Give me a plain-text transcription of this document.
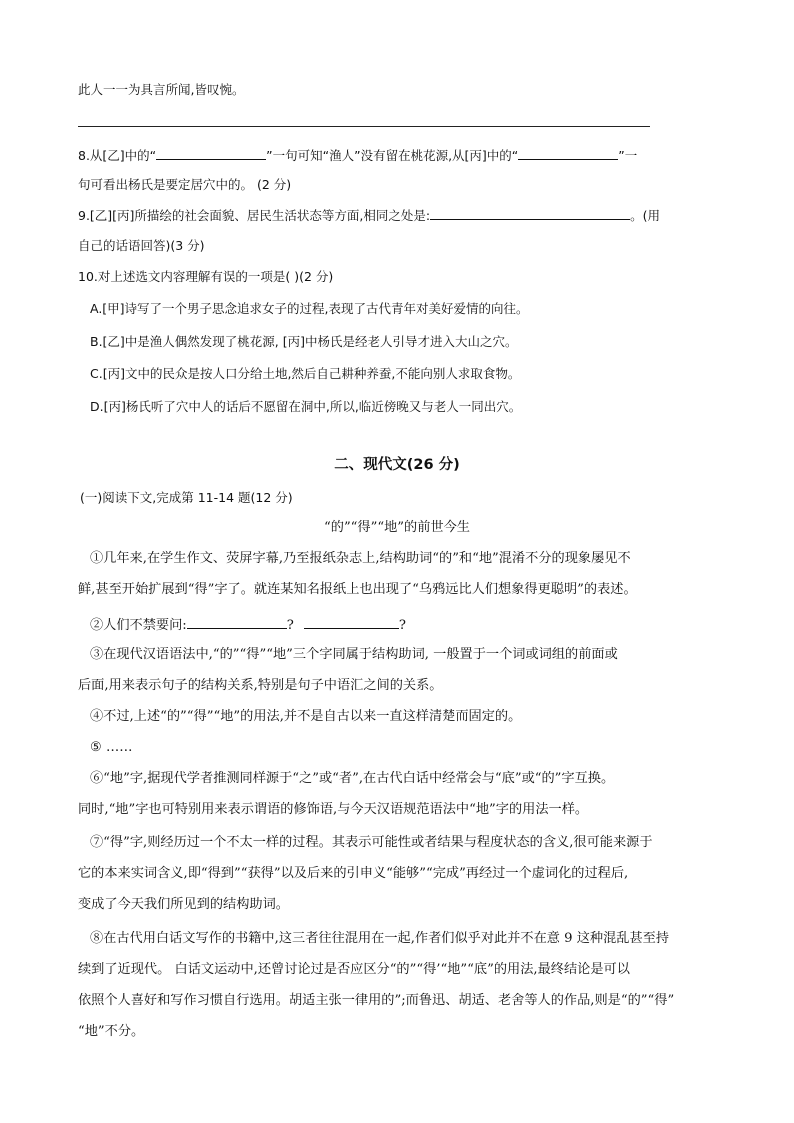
此人一一为具言所闻,皆叹惋。
8.从[乙]中的“	”一句可知“渔人”没有留在桃花源,从[丙]中的“	”一
句可看出杨氏是要定居穴中的。 (2 分)
9.[乙][丙]所描绘的社会面貌、居民生活状态等方面,相同之处是:	。(用
自己的话语回答)(3 分)
10.对上述选文内容理解有误的一项是( )(2 分)
A.[甲]诗写了一个男子思念追求女子的过程,表现了古代青年对美好爱情的向往。
B.[乙]中是渔人偶然发现了桃花源, [丙]中杨氏是经老人引导才进入大山之穴。
C.[丙]文中的民众是按人口分给土地,然后自己耕种养蚕,不能向别人求取食物。
D.[丙]杨氏听了穴中人的话后不愿留在洞中,所以,临近傍晚又与老人一同出穴。
二、现代文(26 分)
(一)阅读下文,完成第 11-14 题(12 分)
“的”“得”“地”的前世今生
①几年来,在学生作文、荧屏字幕,乃至报纸杂志上,结构助词“的”和“地”混淆不分的现象屡见不
鲜,甚至开始扩展到“得”字了。就连某知名报纸上也出现了“乌鸦远比人们想象得更聪明”的表述。
②人们不禁要问:	?	?
③在现代汉语语法中,“的”“得”“地”三个字同属于结构助词, 一般置于一个词或词组的前面或
后面,用来表示句子的结构关系,特别是句子中语汇之间的关系。
④不过,上述“的”“得”“地”的用法,并不是自古以来一直这样清楚而固定的。
⑤ ……
⑥“地”字,据现代学者推测同样源于“之”或“者”,在古代白话中经常会与“底”或“的”字互换。
同时,“地”字也可特别用来表示谓语的修饰语,与今天汉语规范语法中“地”字的用法一样。
⑦“得”字,则经历过一个不太一样的过程。其表示可能性或者结果与程度状态的含义,很可能来源于
它的本来实词含义,即“得到”“获得”以及后来的引申义“能够”“完成”再经过一个虚词化的过程后,
变成了今天我们所见到的结构助词。
⑧在古代用白话文写作的书籍中,这三者往往混用在一起,作者们似乎对此并不在意 9 这种混乱甚至持
续到了近现代。 白话文运动中,还曾讨论过是否应区分“的”“得’“地”“底”的用法,最终结论是可以
依照个人喜好和写作习惯自行选用。胡适主张一律用的”;而鲁迅、胡适、老舍等人的作品,则是“的”“得”
“地”不分。
